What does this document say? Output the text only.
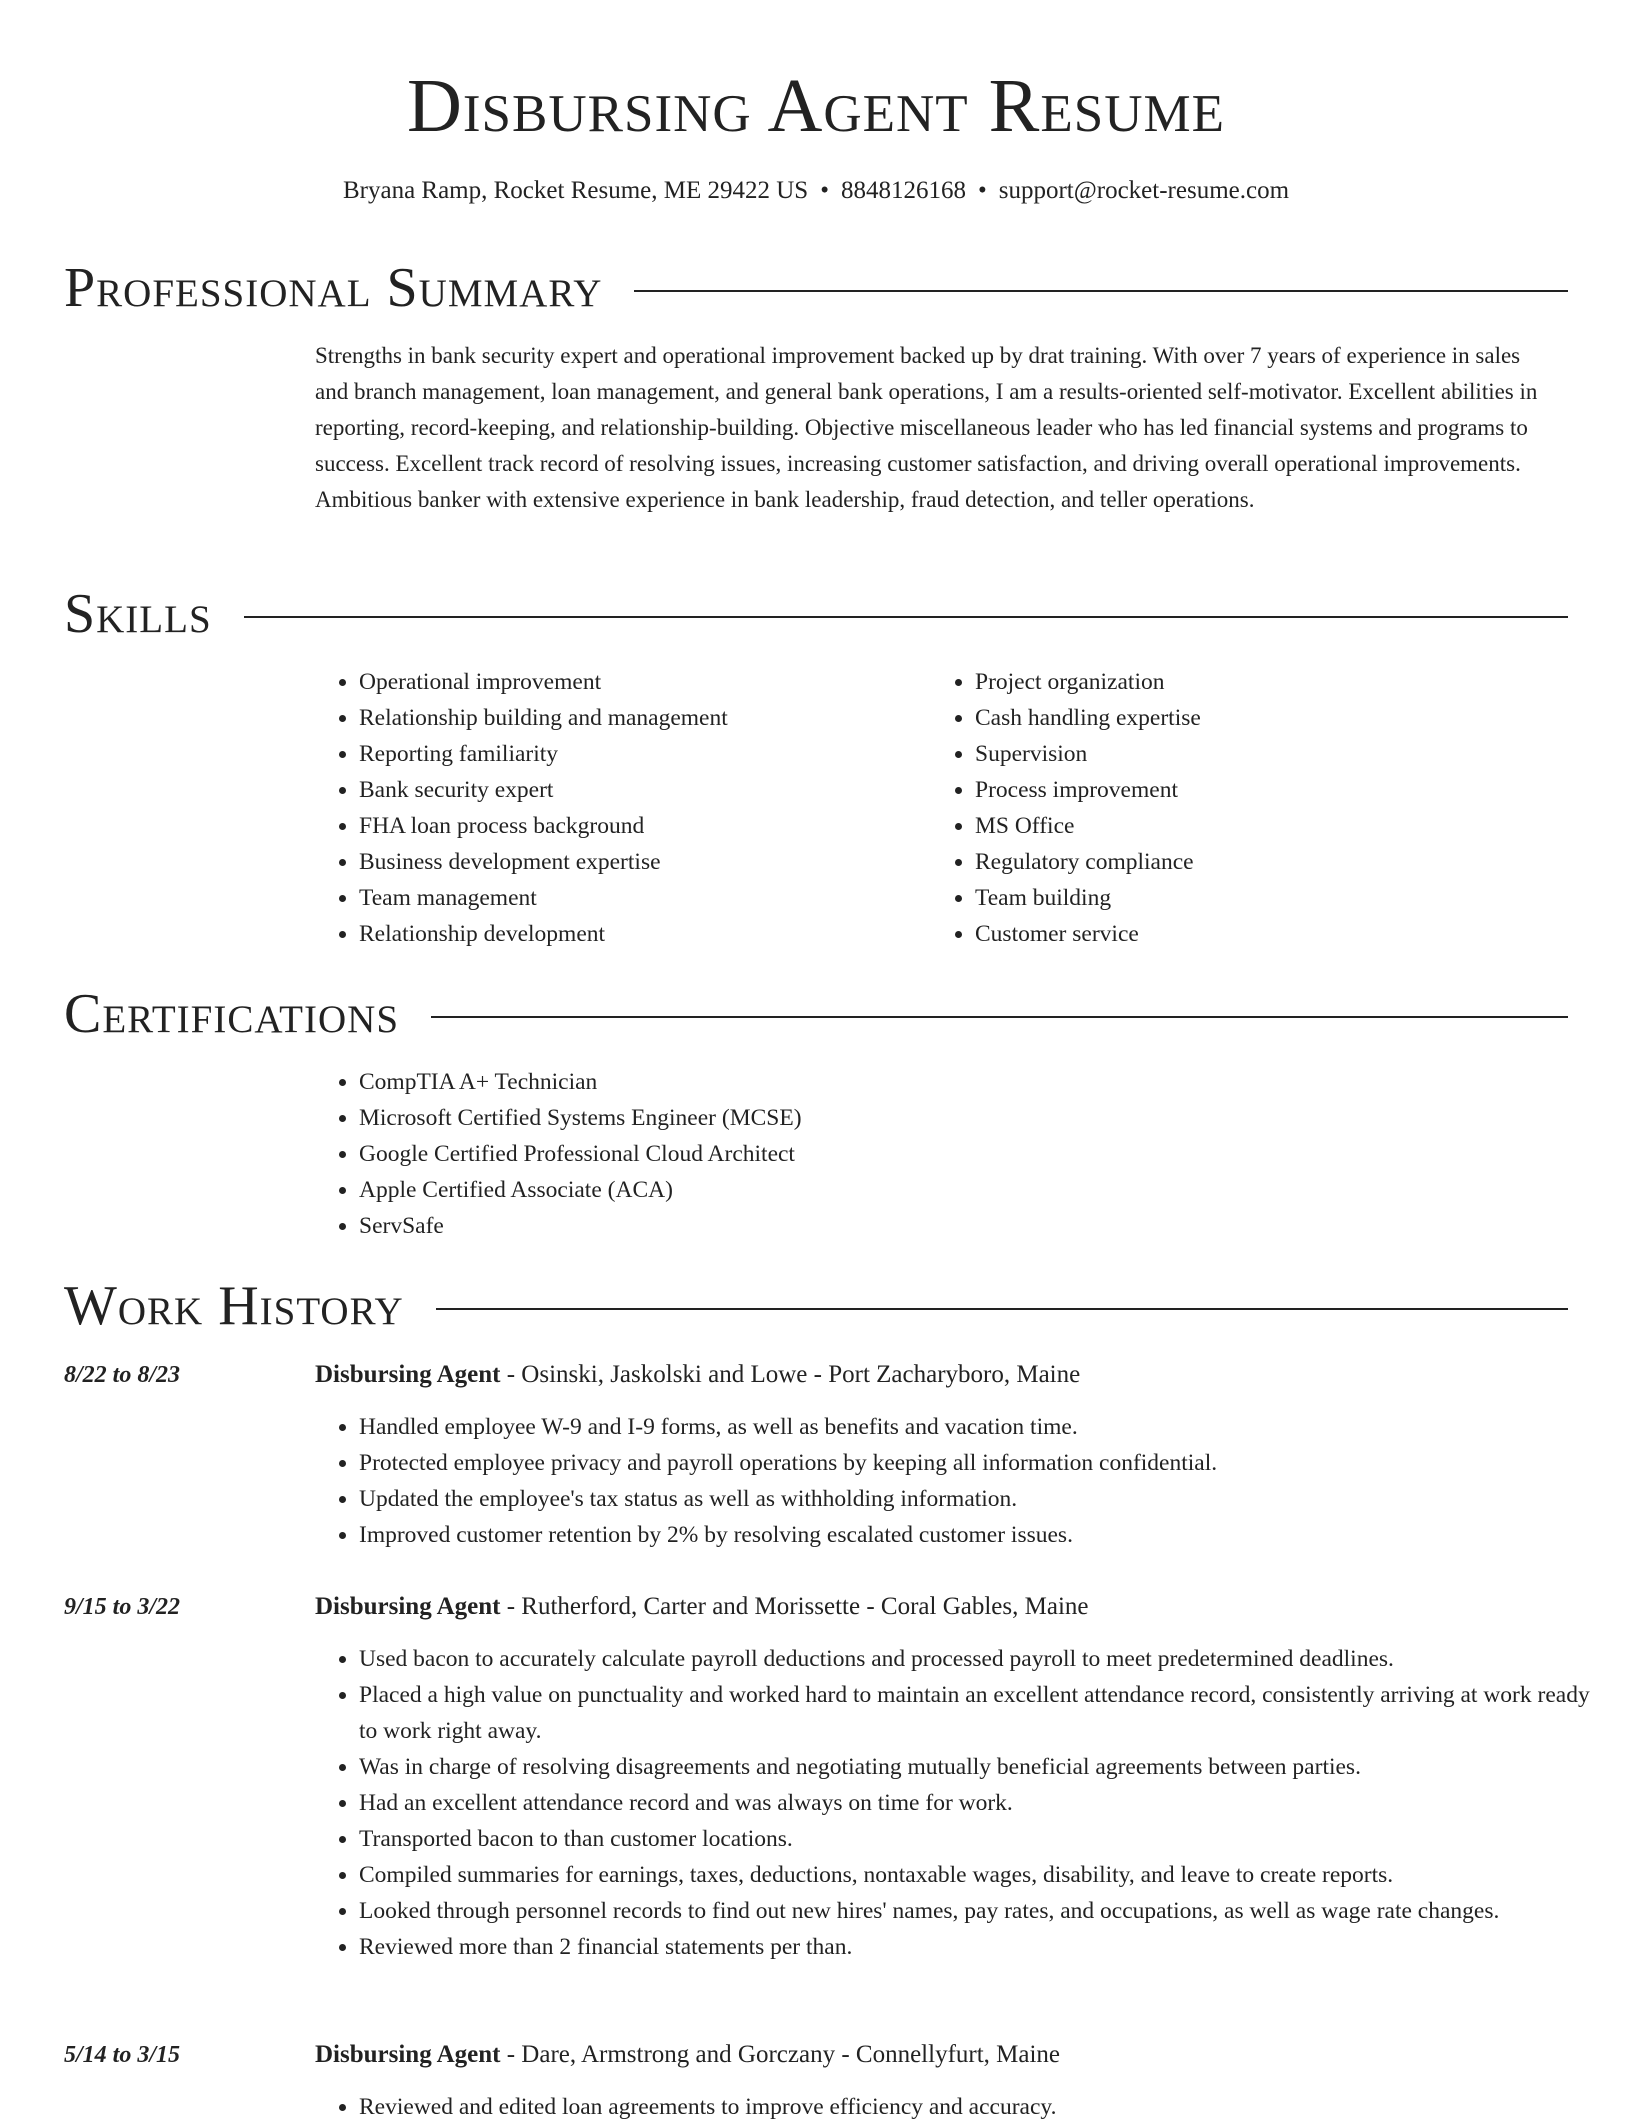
Disbursing Agent Resume
Bryana Ramp, Rocket Resume, ME 29422 US • 8848126168 • support@rocket-resume.com
Professional Summary

Strengths in bank security expert and operational improvement backed up by drat training. With over 7 years of experience in sales and branch management, loan management, and general bank operations, I am a results-oriented self-motivator. Excellent abilities in reporting, record-keeping, and relationship-building. Objective miscellaneous leader who has led financial systems and programs to success. Excellent track record of resolving issues, increasing customer satisfaction, and driving overall operational improvements. Ambitious banker with extensive experience in bank leadership, fraud detection, and teller operations.

Skills
• Operational improvement
• Relationship building and management
• Reporting familiarity
• Bank security expert
• FHA loan process background
• Business development expertise
• Team management
• Relationship development
• Project organization
• Cash handling expertise
• Supervision
• Process improvement
• MS Office
• Regulatory compliance
• Team building
• Customer service
Certifications
• CompTIA A+ Technician
• Microsoft Certified Systems Engineer (MCSE)
• Google Certified Professional Cloud Architect
• Apple Certified Associate (ACA)
• ServSafe
Work History
8/22 to 8/23	Disbursing Agent - Osinski, Jaskolski and Lowe - Port Zacharyboro, Maine
• Handled employee W-9 and I-9 forms, as well as benefits and vacation time.
• Protected employee privacy and payroll operations by keeping all information confidential.
• Updated the employee's tax status as well as withholding information.
• Improved customer retention by 2% by resolving escalated customer issues.
9/15 to 3/22	Disbursing Agent - Rutherford, Carter and Morissette - Coral Gables, Maine
• Used bacon to accurately calculate payroll deductions and processed payroll to meet predetermined deadlines.
• Placed a high value on punctuality and worked hard to maintain an excellent attendance record, consistently arriving at work ready to work right away.
• Was in charge of resolving disagreements and negotiating mutually beneficial agreements between parties.
• Had an excellent attendance record and was always on time for work.
• Transported bacon to than customer locations.
• Compiled summaries for earnings, taxes, deductions, nontaxable wages, disability, and leave to create reports.
• Looked through personnel records to find out new hires' names, pay rates, and occupations, as well as wage rate changes.
• Reviewed more than 2 financial statements per than.
5/14 to 3/15	Disbursing Agent - Dare, Armstrong and Gorczany - Connellyfurt, Maine
• Reviewed and edited loan agreements to improve efficiency and accuracy.
